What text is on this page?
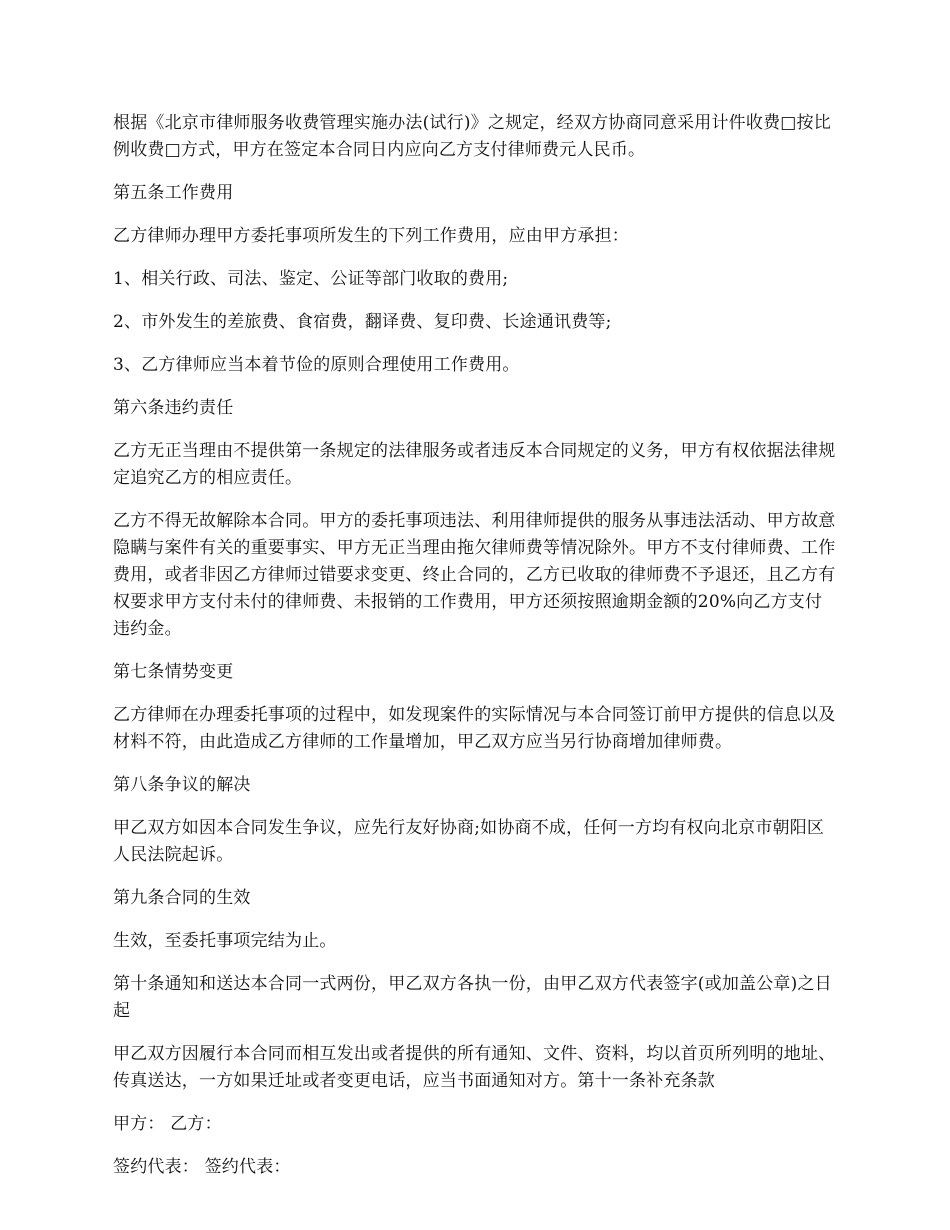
根据《北京市律师服务收费管理实施办法(试行)》之规定，经双方协商同意采用计件收费□按比例收费□方式，甲方在签定本合同日内应向乙方支付律师费元人民币。

第五条工作费用

乙方律师办理甲方委托事项所发生的下列工作费用，应由甲方承担：

1、相关行政、司法、鉴定、公证等部门收取的费用;

2、市外发生的差旅费、食宿费，翻译费、复印费、长途通讯费等;

3、乙方律师应当本着节俭的原则合理使用工作费用。

第六条违约责任

乙方无正当理由不提供第一条规定的法律服务或者违反本合同规定的义务，甲方有权依据法律规定追究乙方的相应责任。

乙方不得无故解除本合同。甲方的委托事项违法、利用律师提供的服务从事违法活动、甲方故意隐瞒与案件有关的重要事实、甲方无正当理由拖欠律师费等情况除外。甲方不支付律师费、工作费用，或者非因乙方律师过错要求变更、终止合同的，乙方已收取的律师费不予退还，且乙方有权要求甲方支付未付的律师费、未报销的工作费用，甲方还须按照逾期金额的20%向乙方支付违约金。

第七条情势变更

乙方律师在办理委托事项的过程中，如发现案件的实际情况与本合同签订前甲方提供的信息以及材料不符，由此造成乙方律师的工作量增加，甲乙双方应当另行协商增加律师费。

第八条争议的解决

甲乙双方如因本合同发生争议，应先行友好协商;如协商不成，任何一方均有权向北京市朝阳区人民法院起诉。

第九条合同的生效

生效，至委托事项完结为止。

第十条通知和送达本合同一式两份，甲乙双方各执一份，由甲乙双方代表签字(或加盖公章)之日起

甲乙双方因履行本合同而相互发出或者提供的所有通知、文件、资料，均以首页所列明的地址、传真送达，一方如果迁址或者变更电话，应当书面通知对方。第十一条补充条款

甲方： 乙方：

签约代表： 签约代表：
